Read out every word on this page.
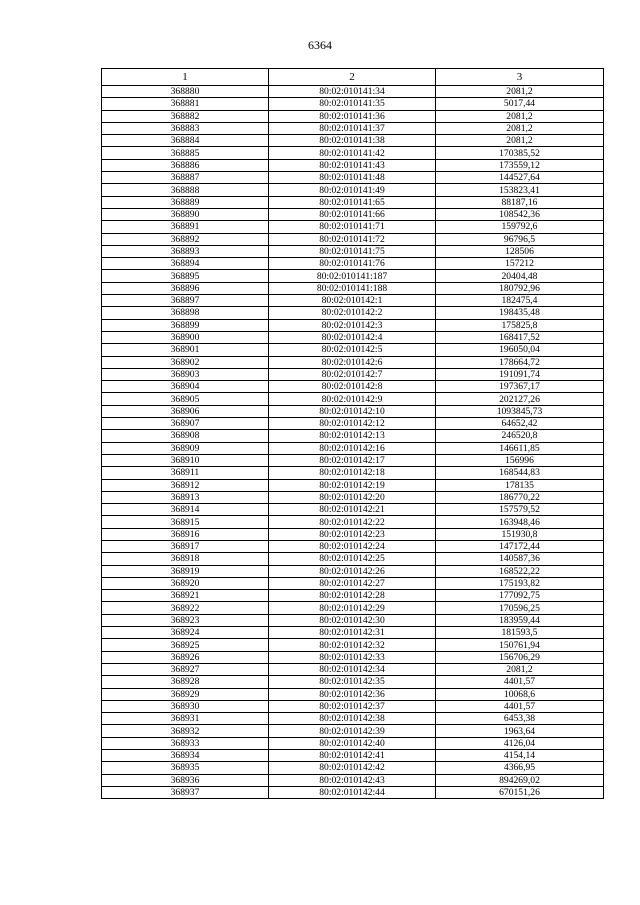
6364
1	2	3
368880	80:02:010141:34	2081,2
368881	80:02:010141:35	5017,44
368882	80:02:010141:36	2081,2
368883	80:02:010141:37	2081,2
368884	80:02:010141:38	2081,2
368885	80:02:010141:42	170385,52
368886	80:02:010141:43	173559,12
368887	80:02:010141:48	144527,64
368888	80:02:010141:49	153823,41
368889	80:02:010141:65	88187,16
368890	80:02:010141:66	108542,36
368891	80:02:010141:71	159792,6
368892	80:02:010141:72	96796,5
368893	80:02:010141:75	128506
368894	80:02:010141:76	157212
368895	80:02:010141:187	20404,48
368896	80:02:010141:188	180792,96
368897	80:02:010142:1	182475,4
368898	80:02:010142:2	198435,48
368899	80:02:010142:3	175825,8
368900	80:02:010142:4	168417,52
368901	80:02:010142:5	196050,04
368902	80:02:010142:6	178664,72
368903	80:02:010142:7	191091,74
368904	80:02:010142:8	197367,17
368905	80:02:010142:9	202127,26
368906	80:02:010142:10	1093845,73
368907	80:02:010142:12	64652,42
368908	80:02:010142:13	246520,8
368909	80:02:010142:16	146611,85
368910	80:02:010142:17	156996
368911	80:02:010142:18	168544,83
368912	80:02:010142:19	178135
368913	80:02:010142:20	186770,22
368914	80:02:010142:21	157579,52
368915	80:02:010142:22	163948,46
368916	80:02:010142:23	151930,8
368917	80:02:010142:24	147172,44
368918	80:02:010142:25	140587,36
368919	80:02:010142:26	168522,22
368920	80:02:010142:27	175193,82
368921	80:02:010142:28	177092,75
368922	80:02:010142:29	170596,25
368923	80:02:010142:30	183959,44
368924	80:02:010142:31	181593,5
368925	80:02:010142:32	150761,94
368926	80:02:010142:33	156706,29
368927	80:02:010142:34	2081,2
368928	80:02:010142:35	4401,57
368929	80:02:010142:36	10068,6
368930	80:02:010142:37	4401,57
368931	80:02:010142:38	6453,38
368932	80:02:010142:39	1963,64
368933	80:02:010142:40	4126,04
368934	80:02:010142:41	4154,14
368935	80:02:010142:42	4366,95
368936	80:02:010142:43	894269,02
368937	80:02:010142:44	670151,26
